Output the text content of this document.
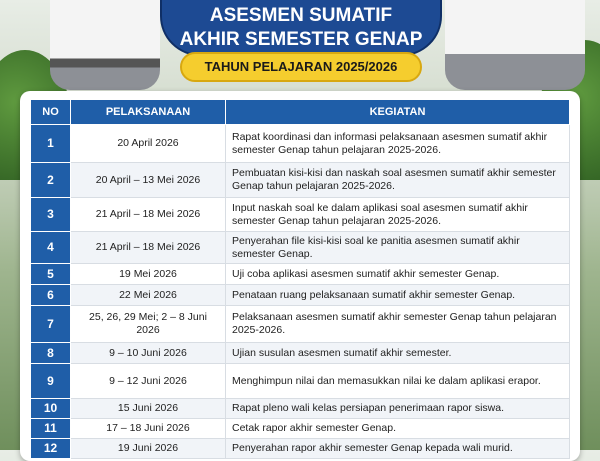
ASESMEN SUMATIF
AKHIR SEMESTER GENAP
TAHUN PELAJARAN 2025/2026
NO	PELAKSANAAN	KEGIATAN
1	20 April 2026	Rapat koordinasi dan informasi pelaksanaan asesmen sumatif akhir semester Genap tahun pelajaran 2025-2026.
2	20 April – 13 Mei 2026	Pembuatan kisi-kisi dan naskah soal asesmen sumatif akhir semester Genap tahun pelajaran 2025-2026.
3	21 April – 18 Mei 2026	Input naskah soal ke dalam aplikasi soal asesmen sumatif akhir semester Genap tahun pelajaran 2025-2026.
4	21 April – 18 Mei 2026	Penyerahan file kisi-kisi soal ke panitia asesmen sumatif akhir semester Genap.
5	19 Mei 2026	Uji coba aplikasi asesmen sumatif akhir semester Genap.
6	22 Mei 2026	Penataan ruang pelaksanaan sumatif akhir semester Genap.
7	25, 26, 29 Mei; 2 – 8 Juni 2026	Pelaksanaan asesmen sumatif akhir semester Genap tahun pelajaran 2025-2026.
8	9 – 10 Juni 2026	Ujian susulan asesmen sumatif akhir semester.
9	9 – 12 Juni 2026	Menghimpun nilai dan memasukkan nilai ke dalam aplikasi erapor.
10	15 Juni 2026	Rapat pleno wali kelas persiapan penerimaan rapor siswa.
11	17 – 18 Juni 2026	Cetak rapor akhir semester Genap.
12	19 Juni 2026	Penyerahan rapor akhir semester Genap kepada wali murid.
